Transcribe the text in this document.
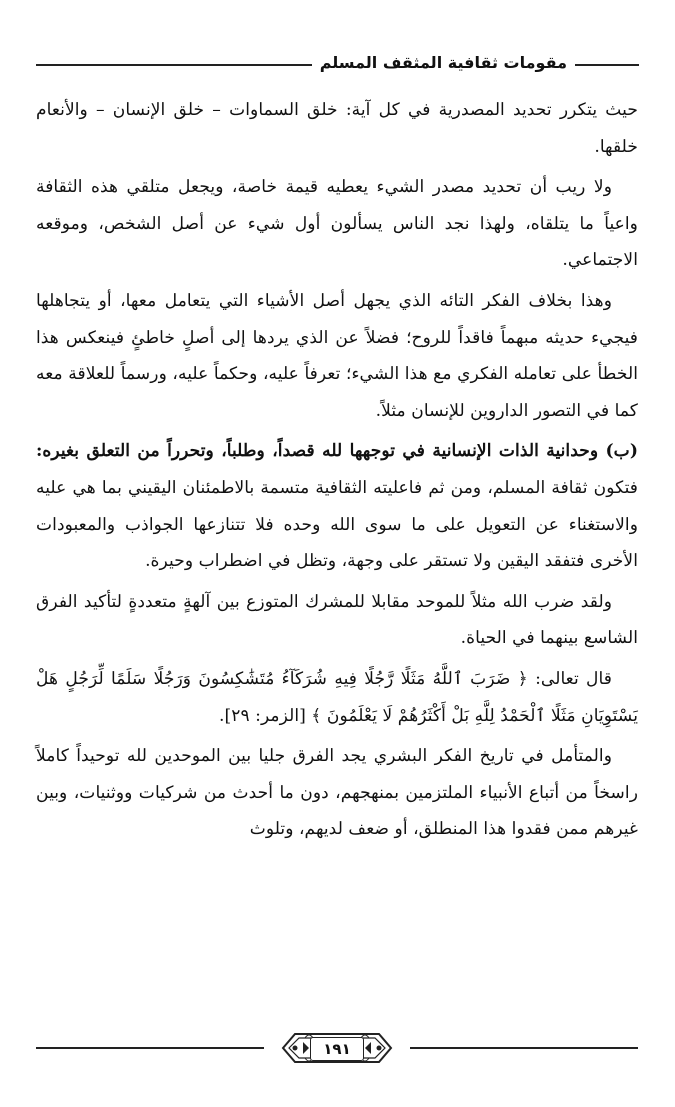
مقومات ثقافية المثقف المسلم

حيث يتكرر تحديد المصدرية في كل آية: خلق السماوات – خلق الإنسان – والأنعام خلقها.

ولا ريب أن تحديد مصدر الشيء يعطيه قيمة خاصة، ويجعل متلقي هذه الثقافة واعياً ما يتلقاه، ولهذا نجد الناس يسألون أول شيء عن أصل الشخص، وموقعه الاجتماعي.

وهذا بخلاف الفكر التائه الذي يجهل أصل الأشياء التي يتعامل معها، أو يتجاهلها فيجيء حديثه مبهماً فاقداً للروح؛ فضلاً عن الذي يردها إلى أصلٍ خاطئٍ فينعكس هذا الخطأ على تعامله الفكري مع هذا الشيء؛ تعرفاً عليه، وحكماً عليه، ورسماً للعلاقة معه كما في التصور الداروين للإنسان مثلاً.

(ب) وحدانية الذات الإنسانية في توجهها لله قصداً، وطلباً، وتحرراً من التعلق بغيره: فتكون ثقافة المسلم، ومن ثم فاعليته الثقافية متسمة بالاطمئنان اليقيني بما هي عليه والاستغناء عن التعويل على ما سوى الله وحده فلا تتنازعها الجواذب والمعبودات الأخرى فتفقد اليقين ولا تستقر على وجهة، وتظل في اضطراب وحيرة.

ولقد ضرب الله مثلاً للموحد مقابلا للمشرك المتوزع بين آلهةٍ متعددةٍ لتأكيد الفرق الشاسع بينهما في الحياة.

قال تعالى: ﴿ ضَرَبَ ٱللَّهُ مَثَلًا رَّجُلًا فِيهِ شُرَكَآءُ مُتَشَٰكِسُونَ وَرَجُلًا سَلَمًا لِّرَجُلٍ هَلْ يَسْتَوِيَانِ مَثَلًا ٱلْحَمْدُ لِلَّهِ بَلْ أَكْثَرُهُمْ لَا يَعْلَمُونَ ﴾ [الزمر: ٢٩].

والمتأمل في تاريخ الفكر البشري يجد الفرق جليا بين الموحدين لله توحيداً كاملاً راسخاً من أتباع الأنبياء الملتزمين بمنهجهم، دون ما أحدث من شركيات ووثنيات، وبين غيرهم ممن فقدوا هذا المنطلق، أو ضعف لديهم، وتلوث

١٩١
